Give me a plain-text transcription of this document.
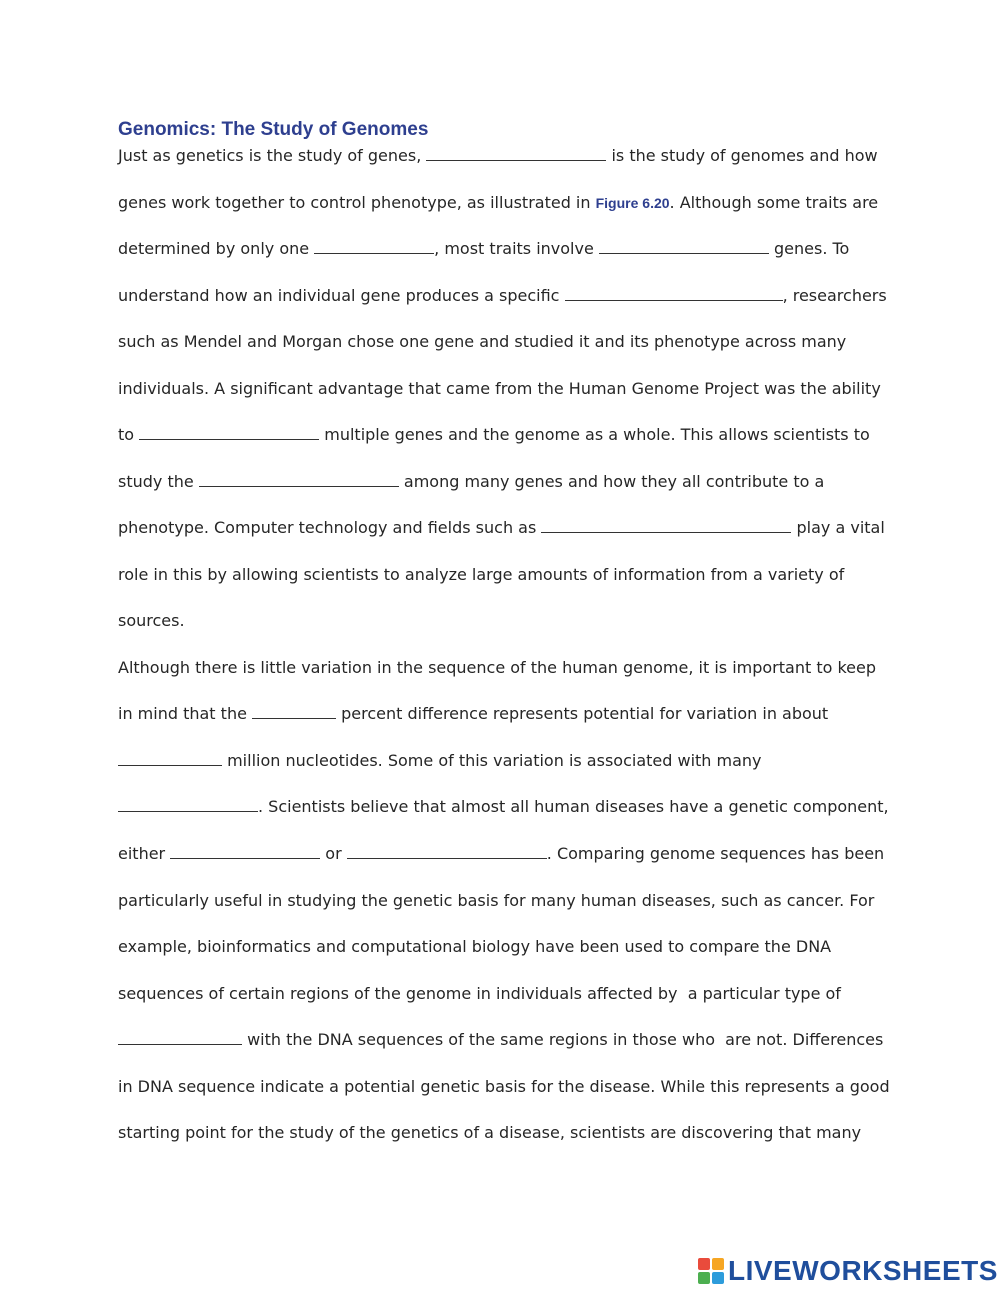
Genomics: The Study of Genomes
Just as genetics is the study of genes,	is the study of genomes and how
genes work together to control phenotype, as illustrated in Figure 6.20. Although some traits are
determined by only one	, most traits involve	genes. To
understand how an individual gene produces a specific	, researchers
such as Mendel and Morgan chose one gene and studied it and its phenotype across many
individuals. A significant advantage that came from the Human Genome Project was the ability
to	multiple genes and the genome as a whole. This allows scientists to
study the	among many genes and how they all contribute to a
phenotype. Computer technology and fields such as	play a vital
role in this by allowing scientists to analyze large amounts of information from a variety of
sources.
Although there is little variation in the sequence of the human genome, it is important to keep
in mind that the	percent difference represents potential for variation in about
million nucleotides. Some of this variation is associated with many
. Scientists believe that almost all human diseases have a genetic component,
either	or	. Comparing genome sequences has been
particularly useful in studying the genetic basis for many human diseases, such as cancer. For
example, bioinformatics and computational biology have been used to compare the DNA
sequences of certain regions of the genome in individuals affected by  a particular type of
with the DNA sequences of the same regions in those who  are not. Differences
in DNA sequence indicate a potential genetic basis for the disease. While this represents a good
starting point for the study of the genetics of a disease, scientists are discovering that many
LIVEWORKSHEETS
